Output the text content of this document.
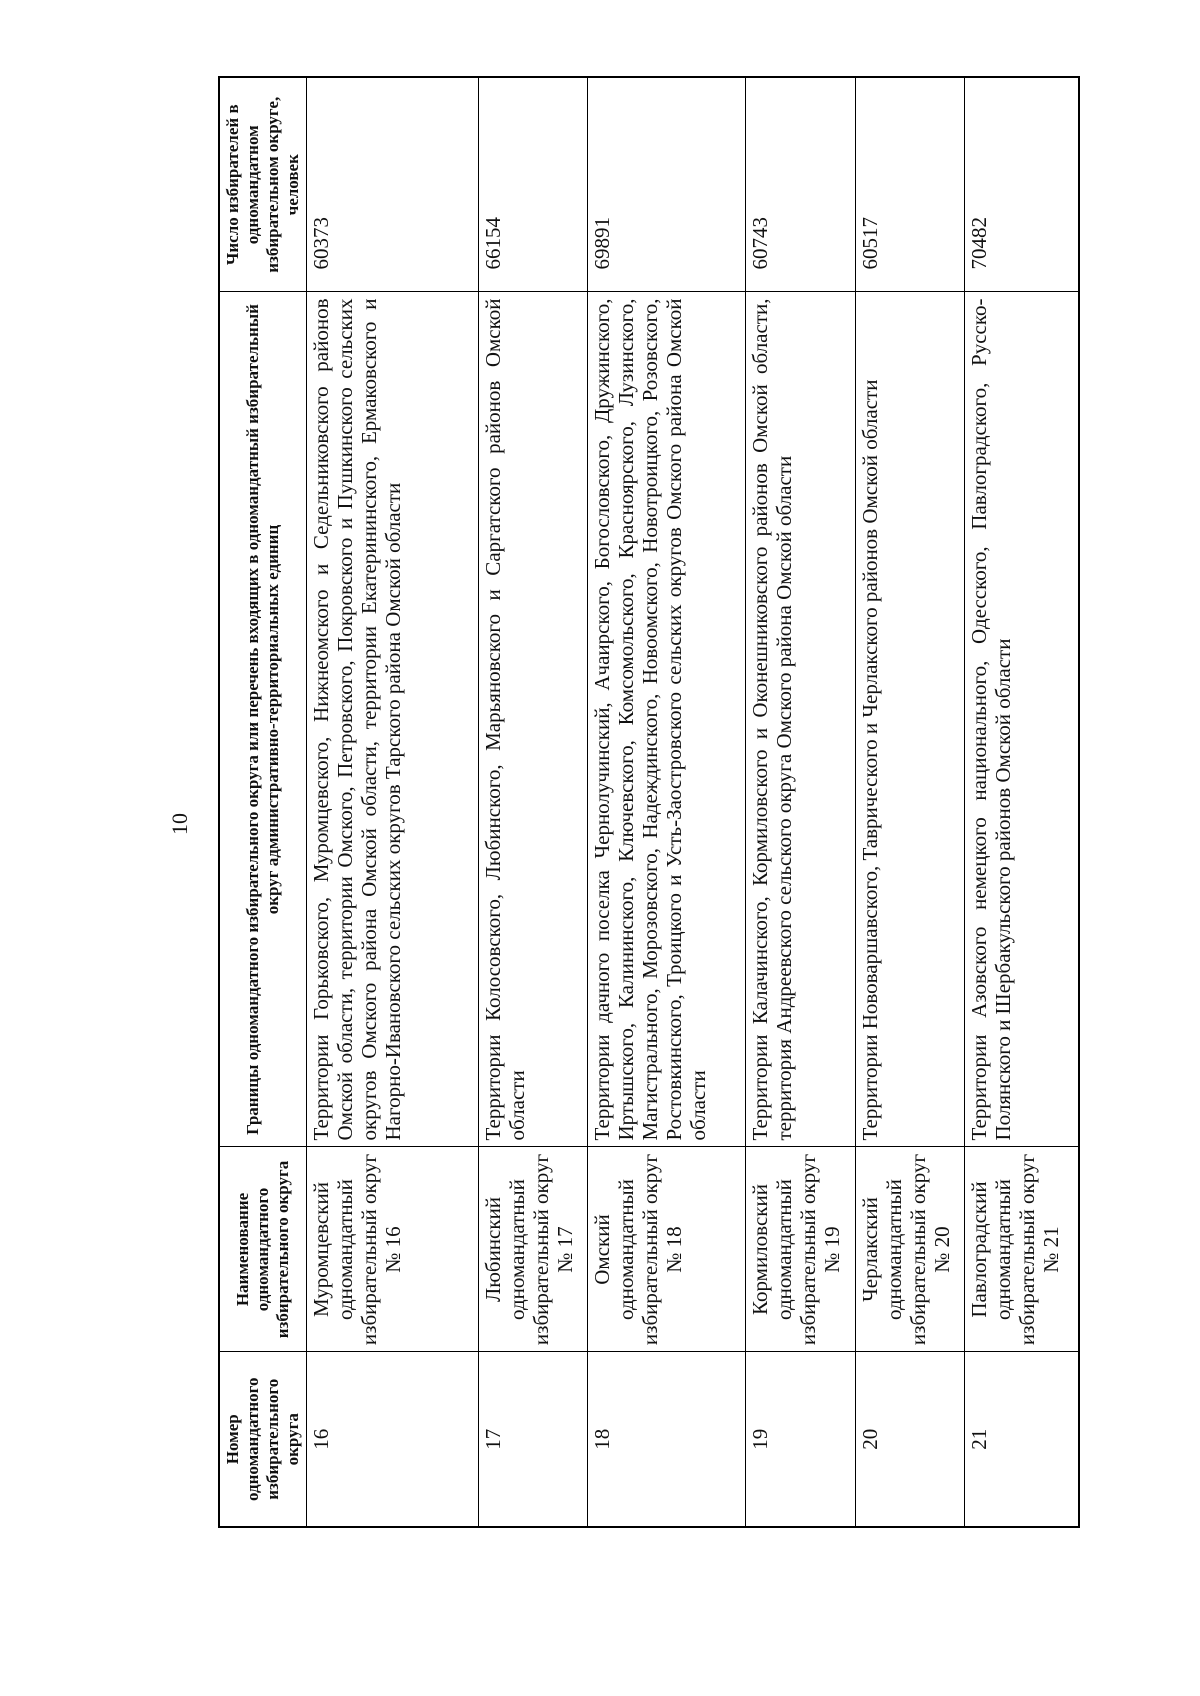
10
Номер одномандатного избирательного округа	Наименование одномандатного избирательного округа	Границы одномандатного избирательного округа или перечень входящих в одномандатный избирательный округ административно-территориальных единиц	Число избирателей в одномандатном избирательном округе, человек
16	Муромцевский одномандатный избирательный округ № 16	Территории Горьковского, Муромцевского, Нижнеомского и Седельниковского районов Омской области, территории Омского, Петровского, Покровского и Пушкинского сельских округов Омского района Омской области, территории Екатерининского, Ермаковского и Нагорно-Ивановского сельских округов Тарского района Омской области	60373
17	Любинский одномандатный избирательный округ № 17	Территории Колосовского, Любинского, Марьяновского и Саргатского районов Омской области	66154
18	Омский одномандатный избирательный округ № 18	Территории дачного поселка Чернолучинский, Ачаирского, Богословского, Дружинского, Иртышского, Калининского, Ключевского, Комсомольского, Красноярского, Лузинского, Магистрального, Морозовского, Надеждинского, Новоомского, Новотроицкого, Розовского, Ростовкинского, Троицкого и Усть-Заостровского сельских округов Омского района Омской области	69891
19	Кормиловский одномандатный избирательный округ № 19	Территории Калачинского, Кормиловского и Оконешниковского районов Омской области, территория Андреевского сельского округа Омского района Омской области	60743
20	Черлакский одномандатный избирательный округ № 20	Территории Нововаршавского, Таврического и Черлакского районов Омской области	60517
21	Павлоградский одномандатный избирательный округ № 21	Территории Азовского немецкого национального, Одесского, Павлоградского, Русско-Полянского и Шербакульского районов Омской области	70482
